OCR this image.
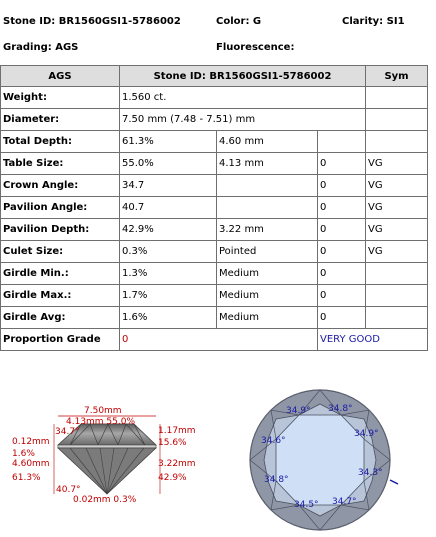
Stone ID: BR1560GSI1-5786002	Color: G	Clarity: SI1
Grading: AGS	Fluorescence:
AGS	Stone ID: BR1560GSI1-5786002			Sym
Weight:	1.560 ct.			
Diameter:	7.50 mm (7.48 - 7.51) mm			
Total Depth:	61.3%	4.60 mm		
Table Size:	55.0%	4.13 mm	0	VG
Crown Angle:	34.7		0	VG
Pavilion Angle:	40.7		0	VG
Pavilion Depth:	42.9%	3.22 mm	0	VG
Culet Size:	0.3%	Pointed	0	VG
Girdle Min.:	1.3%	Medium	0	
Girdle Max.:	1.7%	Medium	0	
Girdle Avg:	1.6%	Medium	0	
Proportion Grade	0		VERY GOOD	
7.50mm
4.13mm 55.0%
34.7°
0.12mm
1.6%
4.60mm
61.3%
40.7°
0.02mm 0.3%
1.17mm
15.6%
3.22mm
42.9%
34.9° 34.8°
34.9°
34.3°
34.7°
34.5°
34.8°
34.6°
